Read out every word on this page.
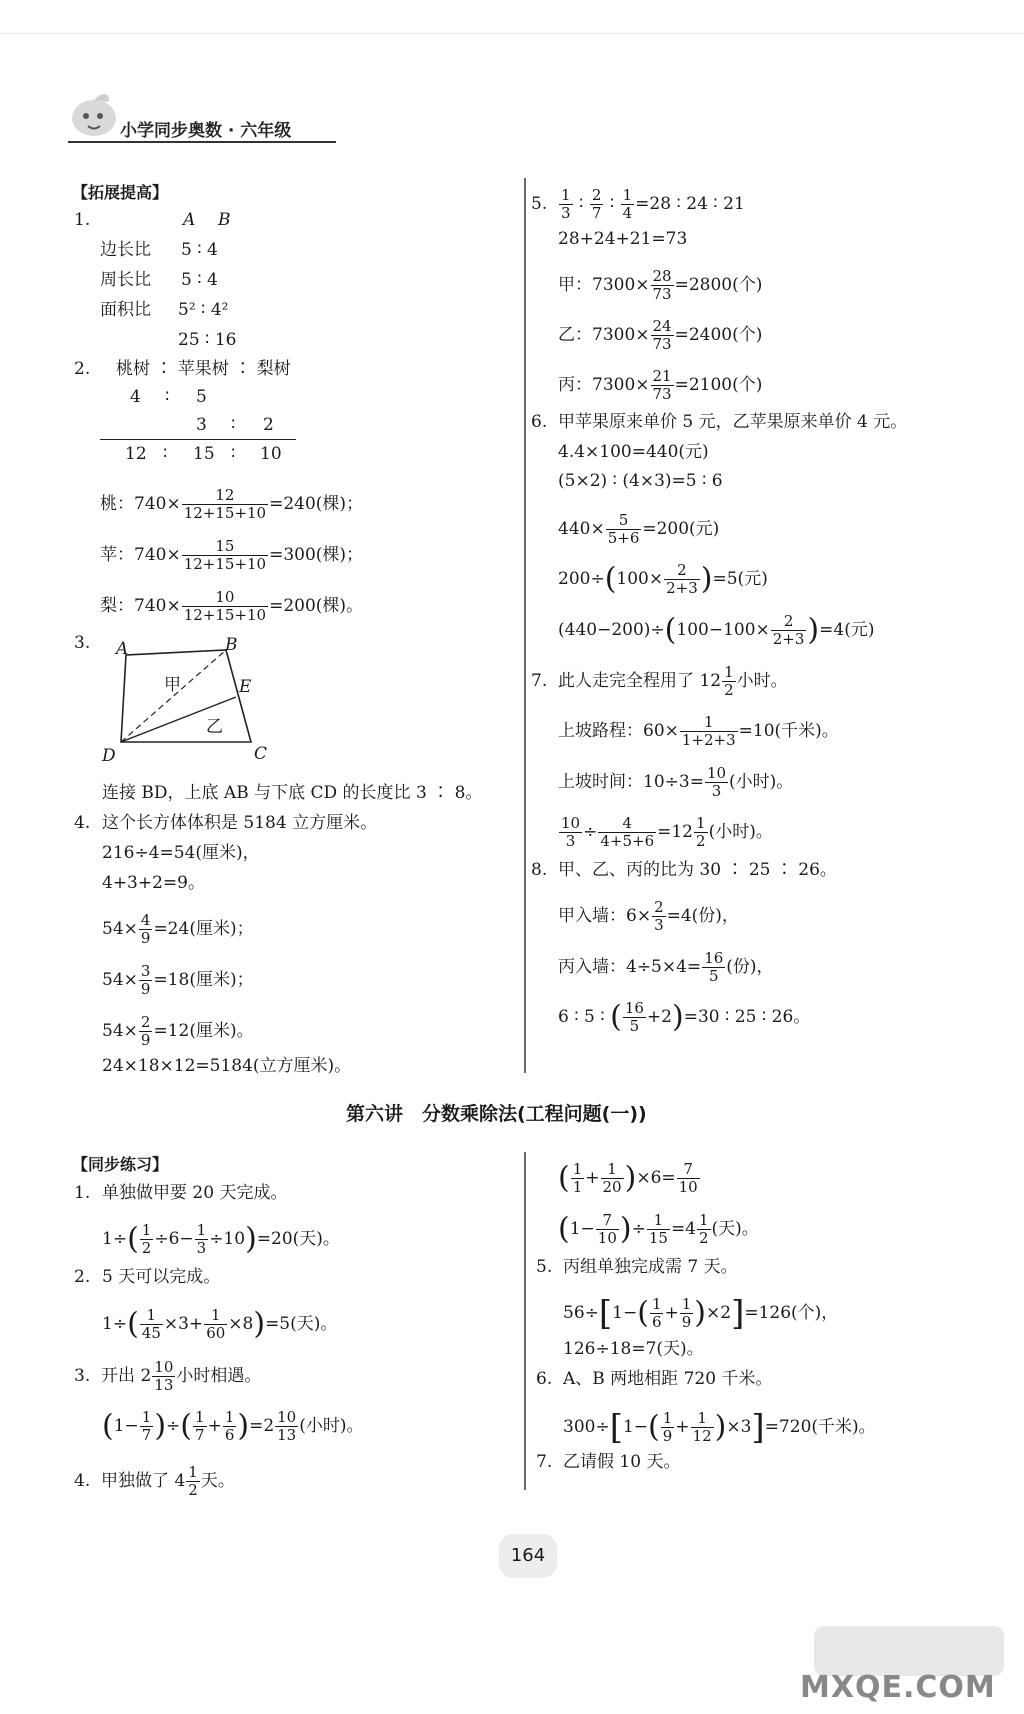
小学同步奥数 · 六年级
【拓展提高】
1.	A B
边长比 5 ∶ 4
周长比 5 ∶ 4
面积比 5² ∶ 4²
25 ∶ 16
2. 桃树 ∶ 苹果树 ∶ 梨树
4 ∶ 5
3 ∶ 2
12 ∶ 15 ∶ 10
桃：$740\times \frac{12}{12+15+10} =240$(棵)；
苹：$740\times \frac{15}{12+15+10} =300$(棵)；
梨：$740\times \frac{10}{12+15+10} =200$(棵)。
3. A	B
E
D	C
甲
乙
连接 BD，上底 AB 与下底 CD 的长度比 3 ∶ 8。
4. 这个长方体体积是 5184 立方厘米。
216÷4=54(厘米)，
4+3+2=9。
$54\times \frac{4}{9} =24$(厘米)；
$54\times \frac{3}{9} =18$(厘米)；
$54\times \frac{2}{9} =12$(厘米)。
24×18×12=5184(立方厘米)。
5. $\frac{1}{3}$ ∶ $\frac{2}{7}$ ∶ $\frac{1}{4} =28$ ∶ 24 ∶ 21
28+24+21=73
甲：$7300\times \frac{28}{73} =2800$(个)
乙：$7300\times \frac{24}{73} =2400$(个)
丙：$7300\times \frac{21}{73} =2100$(个)
6. 甲苹果原来单价 5 元，乙苹果原来单价 4 元。
4.4×100=440(元)
(5×2) ∶ (4×3)=5 ∶ 6
$440\times \frac{5}{5+6} =200$(元)
$200\div(100\times \frac{2}{2+3} )=5$(元)
$(440-200)\div(100-100\times \frac{2}{2+3} )=4$(元)
7. 此人走完全程用了 $12 \frac{1}{2}$ 小时。
上坡路程：$60\times \frac{1}{1+2+3} =10$(千米)。
上坡时间：$10\div 3= \frac{10}{3}$ (小时)。
$\frac{10}{3} \div \frac{4}{4+5+6} =12 \frac{1}{2}$ (小时)。
8. 甲、乙、丙的比为 30 ∶ 25 ∶ 26。
甲入墙：$6\times \frac{2}{3} =4$(份)，
丙入墙：$4\div 5\times 4= \frac{16}{5}$ (份)，
6 ∶ 5 ∶ ( $\frac{16}{5} +2)=30$ ∶ 25 ∶ 26。
第六讲　分数乘除法(工程问题(一))
【同步练习】
1. 单独做甲要 20 天完成。
$1\div( \frac{1}{2} \div 6- \frac{1}{3} \div 10)=20$(天)。
2. 5 天可以完成。
$1\div( \frac{1}{45} \times 3+ \frac{1}{60} \times 8)=5$(天)。
3. 开出 $2 \frac{10}{13}$ 小时相遇。
($1- \frac{1}{7}$ )÷( $\frac{1}{7} + \frac{1}{6} )=2 \frac{10}{13}$ (小时)。
4. 甲独做了 $4 \frac{1}{2}$ 天。
( $\frac{1}{1} + \frac{1}{20} )\times 6= \frac{7}{10}$
($1- \frac{7}{10}$ )÷ $\frac{1}{15} =4 \frac{1}{2}$ (天)。
5. 丙组单独完成需 7 天。
$56\div[1-( \frac{1}{6} + \frac{1}{9} )\times 2]=126$(个)，
126÷18=7(天)。
6. A、B 两地相距 720 千米。
$300\div[1-( \frac{1}{9} + \frac{1}{12} )\times 3]=720$(千米)。
7. 乙请假 10 天。
164
MXQE.COM
